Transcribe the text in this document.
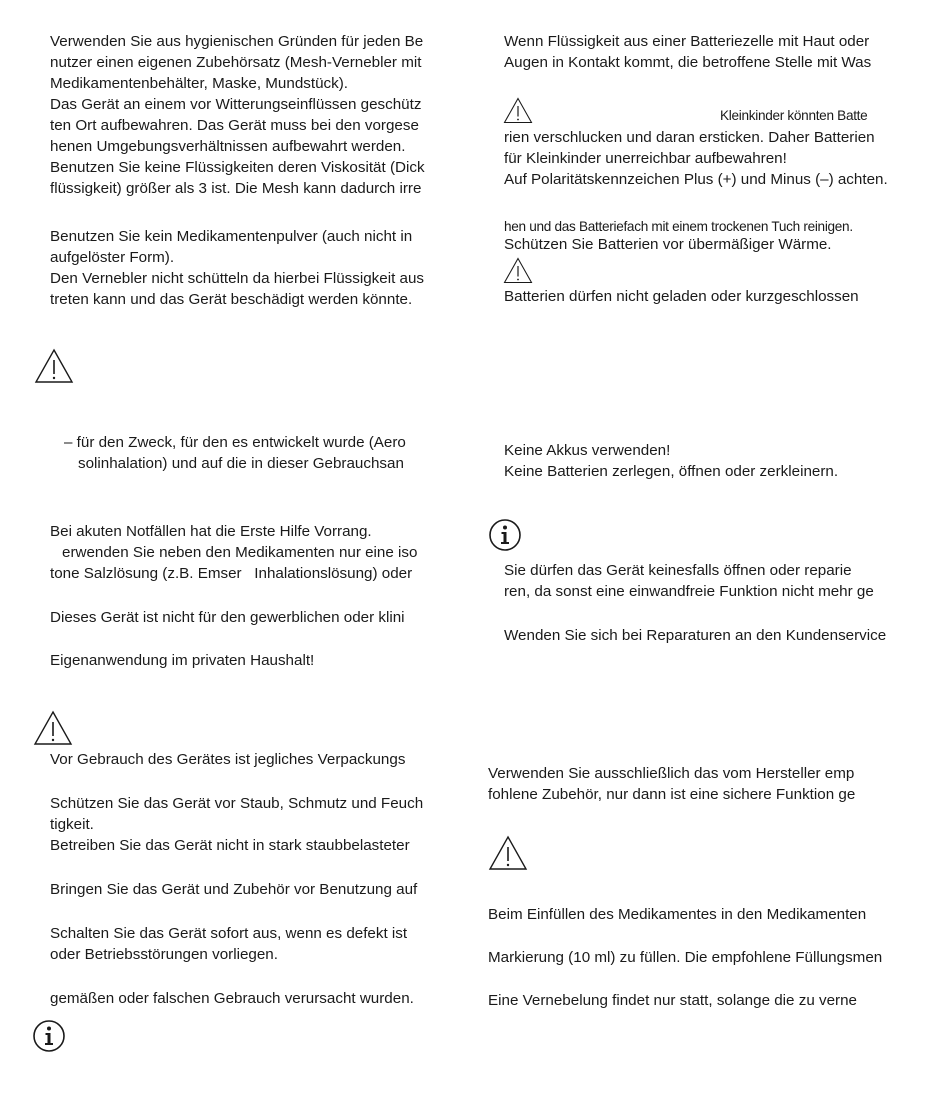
Verwenden Sie aus hygienischen Gründen für jeden Be
nutzer einen eigenen Zubehörsatz (Mesh-Vernebler mit
Medikamentenbehälter, Maske, Mundstück).
Das Gerät an einem vor Witterungseinflüssen geschütz
ten Ort aufbewahren. Das Gerät muss bei den vorgese
henen Umgebungsverhältnissen aufbewahrt werden.
Benutzen Sie keine Flüssigkeiten deren Viskosität (Dick
flüssigkeit) größer als 3 ist. Die Mesh kann dadurch irre
Benutzen Sie kein Medikamentenpulver (auch nicht in
aufgelöster Form).
Den Vernebler nicht schütteln da hierbei Flüssigkeit aus
treten kann und das Gerät beschädigt werden könnte.
– für den Zweck, für den es entwickelt wurde (Aero
solinhalation) und auf die in dieser Gebrauchsan
Bei akuten Notfällen hat die Erste Hilfe Vorrang.
erwenden Sie neben den Medikamenten nur eine iso
tone Salzlösung (z.B. Emser   Inhalationslösung) oder
Dieses Gerät ist nicht für den gewerblichen oder klini
Eigenanwendung im privaten Haushalt!
Vor Gebrauch des Gerätes ist jegliches Verpackungs
Schützen Sie das Gerät vor Staub, Schmutz und Feuch
tigkeit.
Betreiben Sie das Gerät nicht in stark staubbelasteter
Bringen Sie das Gerät und Zubehör vor Benutzung auf
Schalten Sie das Gerät sofort aus, wenn es defekt ist
oder Betriebsstörungen vorliegen.
gemäßen oder falschen Gebrauch verursacht wurden.
Wenn Flüssigkeit aus einer Batteriezelle mit Haut oder
Augen in Kontakt kommt, die betroffene Stelle mit Was
Kleinkinder könnten Batte
rien verschlucken und daran ersticken. Daher Batterien
für Kleinkinder unerreichbar aufbewahren!
Auf Polaritätskennzeichen Plus (+) und Minus (–) achten.
hen und das Batteriefach mit einem trockenen Tuch reinigen.
Schützen Sie Batterien vor übermäßiger Wärme.
Batterien dürfen nicht geladen oder kurzgeschlossen
Keine Akkus verwenden!
Keine Batterien zerlegen, öffnen oder zerkleinern.
Sie dürfen das Gerät keinesfalls öffnen oder reparie
ren, da sonst eine einwandfreie Funktion nicht mehr ge
Wenden Sie sich bei Reparaturen an den Kundenservice
Verwenden Sie ausschließlich das vom Hersteller emp
fohlene Zubehör, nur dann ist eine sichere Funktion ge
Beim Einfüllen des Medikamentes in den Medikamenten
Markierung (10 ml) zu füllen. Die empfohlene Füllungsmen
Eine Vernebelung findet nur statt, solange die zu verne
